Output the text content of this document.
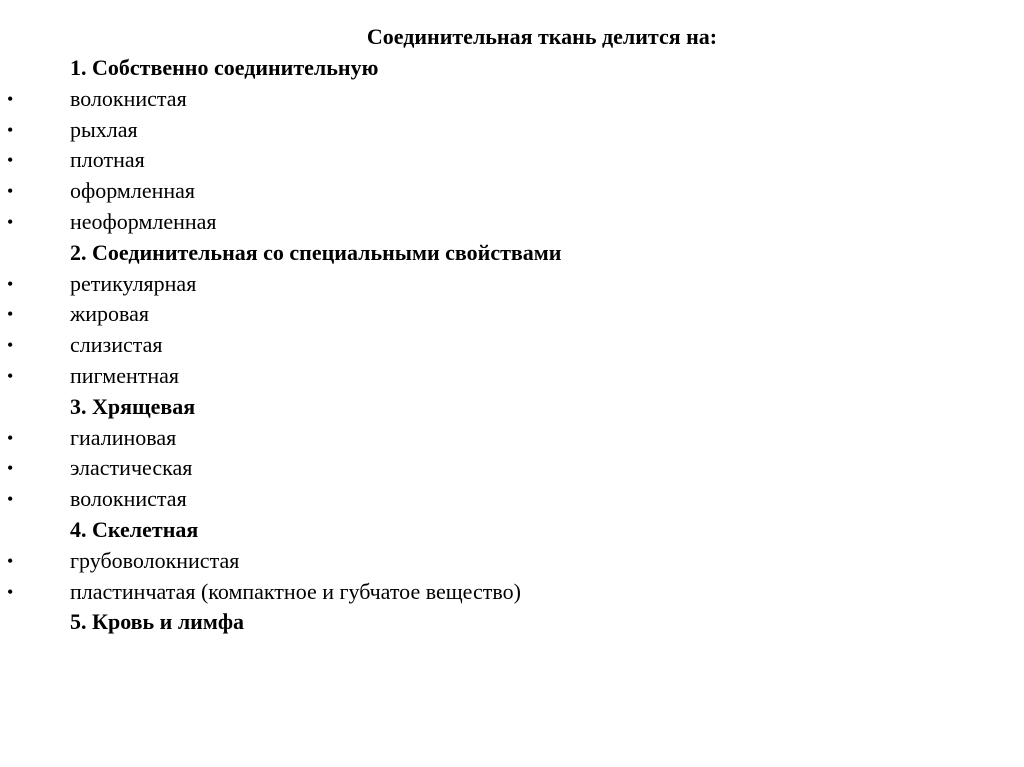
Соединительная ткань делится на:
1. Собственно соединительную
•	волокнистая
•	рыхлая
•	плотная
•	оформленная
•	неоформленная
2. Соединительная со специальными свойствами
•	ретикулярная
•	жировая
•	слизистая
•	пигментная
3. Хрящевая
•	гиалиновая
•	эластическая
•	волокнистая
4. Скелетная
•	грубоволокнистая
•	пластинчатая (компактное и губчатое вещество)
5. Кровь и лимфа
